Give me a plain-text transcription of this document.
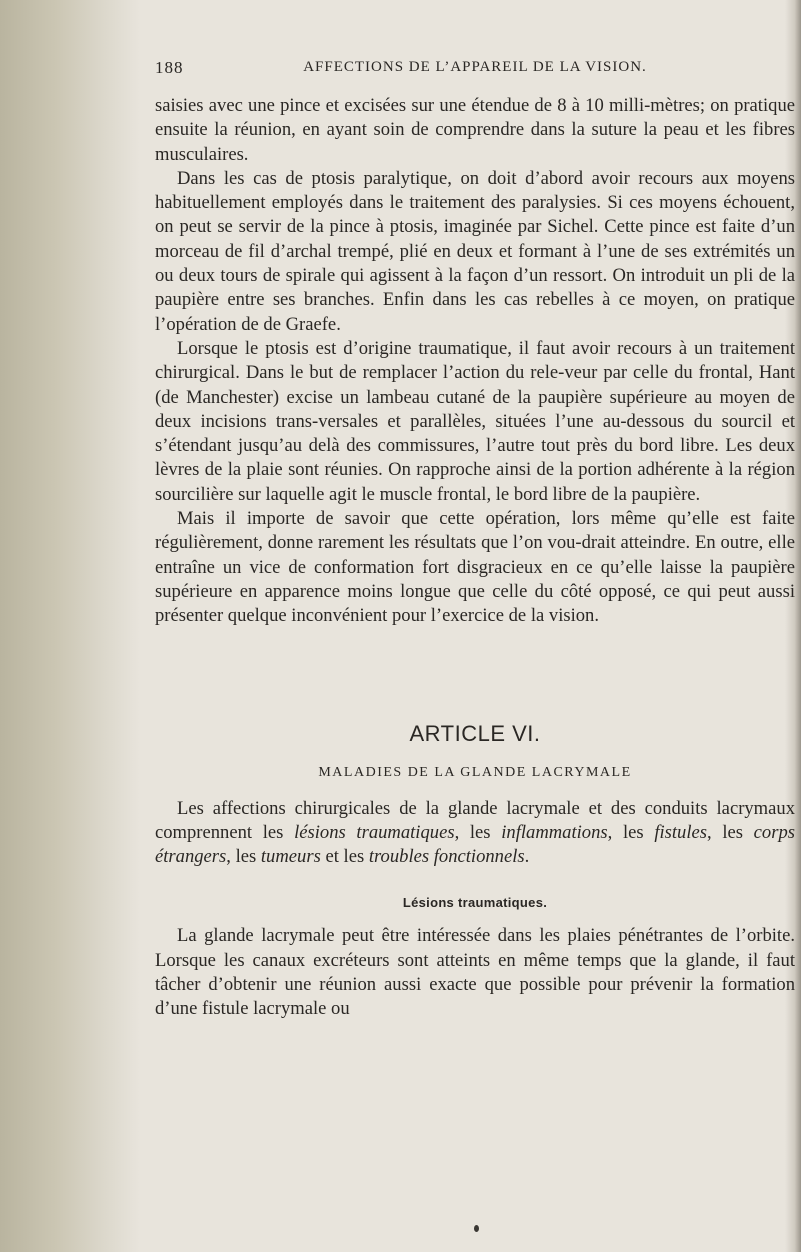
188	AFFECTIONS DE L’APPAREIL DE LA VISION.

saisies avec une pince et excisées sur une étendue de 8 à 10 milli-mètres; on pratique ensuite la réunion, en ayant soin de comprendre dans la suture la peau et les fibres musculaires.

Dans les cas de ptosis paralytique, on doit d’abord avoir recours aux moyens habituellement employés dans le traitement des paralysies. Si ces moyens échouent, on peut se servir de la pince à ptosis, imaginée par Sichel. Cette pince est faite d’un morceau de fil d’archal trempé, plié en deux et formant à l’une de ses extrémités un ou deux tours de spirale qui agissent à la façon d’un ressort. On introduit un pli de la paupière entre ses branches. Enfin dans les cas rebelles à ce moyen, on pratique l’opération de de Graefe.

Lorsque le ptosis est d’origine traumatique, il faut avoir recours à un traitement chirurgical. Dans le but de remplacer l’action du rele-veur par celle du frontal, Hant (de Manchester) excise un lambeau cutané de la paupière supérieure au moyen de deux incisions trans-versales et parallèles, situées l’une au-dessous du sourcil et s’étendant jusqu’au delà des commissures, l’autre tout près du bord libre. Les deux lèvres de la plaie sont réunies. On rapproche ainsi de la portion adhérente à la région sourcilière sur laquelle agit le muscle frontal, le bord libre de la paupière.

Mais il importe de savoir que cette opération, lors même qu’elle est faite régulièrement, donne rarement les résultats que l’on vou-drait atteindre. En outre, elle entraîne un vice de conformation fort disgracieux en ce qu’elle laisse la paupière supérieure en apparence moins longue que celle du côté opposé, ce qui peut aussi présenter quelque inconvénient pour l’exercice de la vision.

ARTICLE VI.
MALADIES DE LA GLANDE LACRYMALE

Les affections chirurgicales de la glande lacrymale et des conduits lacrymaux comprennent les lésions traumatiques, les inflammations, les fistules, les corps étrangers, les tumeurs et les troubles fonctionnels.

Lésions traumatiques.

La glande lacrymale peut être intéressée dans les plaies pénétrantes de l’orbite. Lorsque les canaux excréteurs sont atteints en même temps que la glande, il faut tâcher d’obtenir une réunion aussi exacte que possible pour prévenir la formation d’une fistule lacrymale ou
